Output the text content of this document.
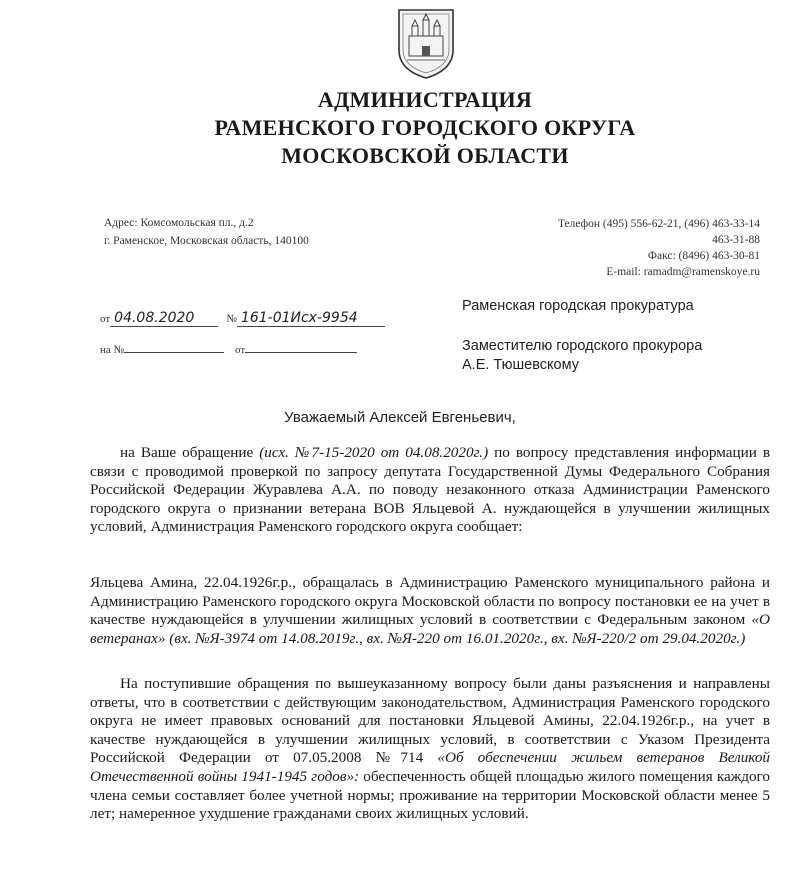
АДМИНИСТРАЦИЯ
РАМЕНСКОГО ГОРОДСКОГО ОКРУГА
МОСКОВСКОЙ ОБЛАСТИ
Адрес: Комсомольская пл., д.2
г. Раменское, Московская область, 140100
Телефон (495) 556-62-21, (496) 463-33-14
463-31-88
Факс: (8496) 463-30-81
E-mail: ramadm@ramenskoye.ru
от 04.08.2020	№ 161-01Исх-9954
на №	от
Раменская городская прокуратура
Заместителю городского прокурора
А.Е. Тюшевскому
Уважаемый Алексей Евгеньевич,

на Ваше обращение (исх. №7-15-2020 от 04.08.2020г.) по вопросу представления информации в связи с проводимой проверкой по запросу депутата Государственной Думы Федерального Собрания Российской Федерации Журавлева А.А. по поводу незаконного отказа Администрации Раменского городского округа о признании ветерана ВОВ Яльцевой А. нуждающейся в улучшении жилищных условий, Администрация Раменского городского округа сообщает:

Яльцева Амина, 22.04.1926г.р., обращалась в Администрацию Раменского муниципального района и Администрацию Раменского городского округа Московской области по вопросу постановки ее на учет в качестве нуждающейся в улучшении жилищных условий в соответствии с Федеральным законом «О ветеранах» (вх. №Я-3974 от 14.08.2019г., вх. №Я-220 от 16.01.2020г., вх. №Я-220/2 от 29.04.2020г.)

На поступившие обращения по вышеуказанному вопросу были даны разъяснения и направлены ответы, что в соответствии с действующим законодательством, Администрация Раменского городского округа не имеет правовых оснований для постановки Яльцевой Амины, 22.04.1926г.р., на учет в качестве нуждающейся в улучшении жилищных условий, в соответствии с Указом Президента Российской Федерации от 07.05.2008 №714 «Об обеспечении жильем ветеранов Великой Отечественной войны 1941-1945 годов»: обеспеченность общей площадью жилого помещения каждого члена семьи составляет более учетной нормы; проживание на территории Московской области менее 5 лет; намеренное ухудшение гражданами своих жилищных условий.
